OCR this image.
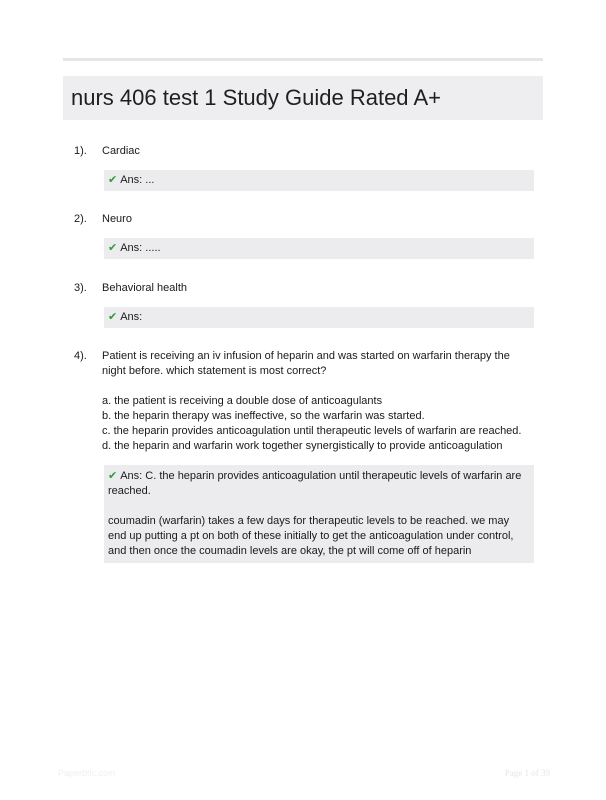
nurs 406 test 1 Study Guide Rated A+
1).	Cardiac

✔ Ans: ...
2).	Neuro

✔ Ans: .....
3).	Behavioral health

✔ Ans:
4).	Patient is receiving an iv infusion of heparin and was started on warfarin therapy the night before. which statement is most correct?

a. the patient is receiving a double dose of anticoagulants
b. the heparin therapy was ineffective, so the warfarin was started.
c. the heparin provides anticoagulation until therapeutic levels of warfarin are reached.
d. the heparin and warfarin work together synergistically to provide anticoagulation
✔ Ans: C. the heparin provides anticoagulation until therapeutic levels of warfarin are reached.
coumadin (warfarin) takes a few days for therapeutic levels to be reached. we may end up putting a pt on both of these initially to get the anticoagulation under control, and then once the coumadin levels are okay, the pt will come off of heparin
Paperbtic.com	Page 1 of 39
